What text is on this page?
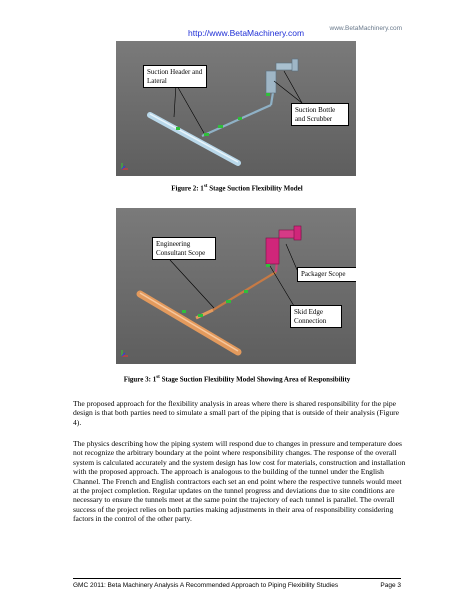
http://www.BetaMachinery.com	www.BetaMachinery.com
Suction Header and Lateral
Suction Bottle and Scrubber
Figure 2: 1st Stage Suction Flexibility Model
Engineering Consultant Scope
Packager Scope
Skid Edge Connection
Figure 3: 1st Stage Suction Flexibility Model Showing Area of Responsibility
The proposed approach for the flexibility analysis in areas where there is shared responsibility for the pipe design is that both parties need to simulate a small part of the piping that is outside of their analysis (Figure 4).
The physics describing how the piping system will respond due to changes in pressure and temperature does not recognize the arbitrary boundary at the point where responsibility changes. The response of the overall system is calculated accurately and the system design has low cost for materials, construction and installation with the proposed approach. The approach is analogous to the building of the tunnel under the English Channel. The French and English contractors each set an end point where the respective tunnels would meet at the project completion. Regular updates on the tunnel progress and deviations due to site conditions are necessary to ensure the tunnels meet at the same point the trajectory of each tunnel is parallel. The overall success of the project relies on both parties making adjustments in their area of responsibility considering factors in the control of the other party.
GMC 2011: Beta Machinery Analysis A Recommended Approach to Piping Flexibility Studies	Page 3
